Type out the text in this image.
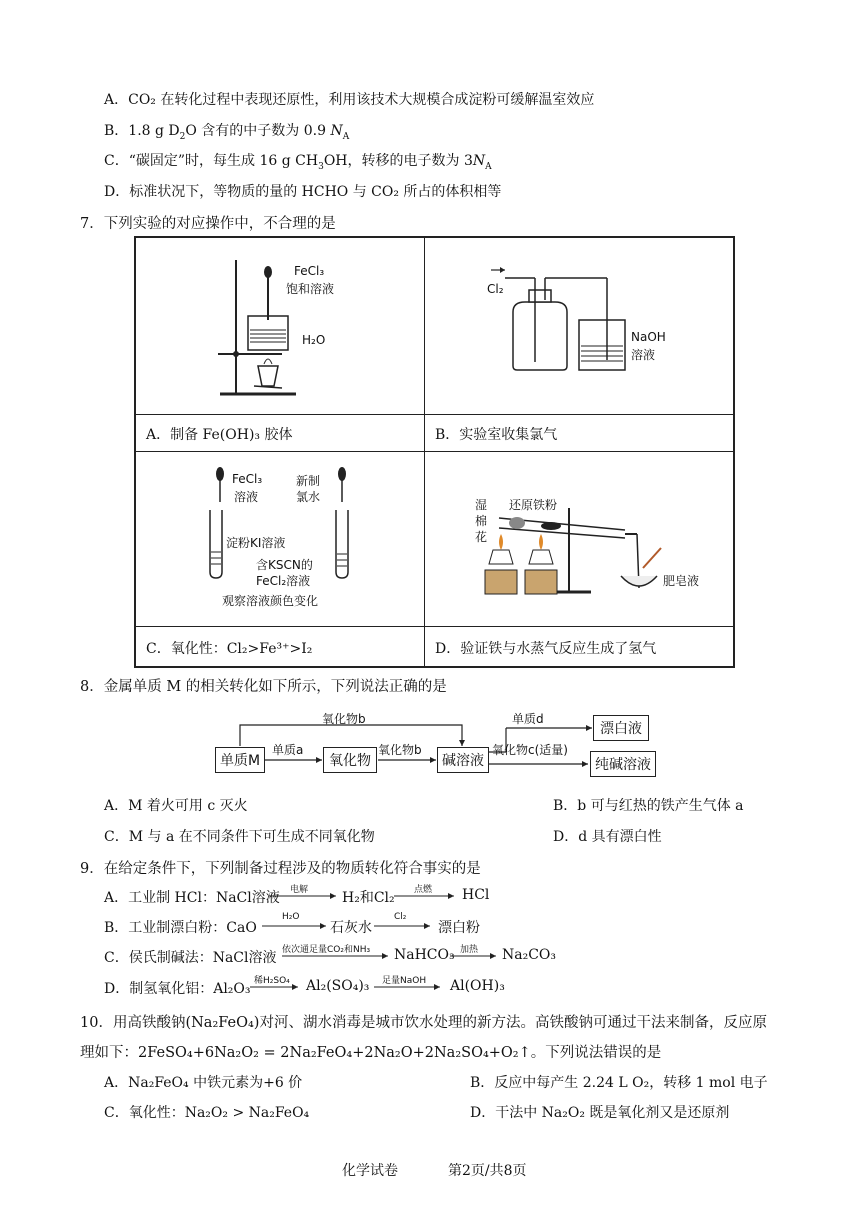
A．CO₂ 在转化过程中表现还原性，利用该技术大规模合成淀粉可缓解温室效应
B．1.8 g $D_2O$ 含有的中子数为 0.9 $N_A$
C．“碳固定”时，每生成 16 g $CH_3OH$，转移的电子数为 $3N_A$
D．标准状况下，等物质的量的 HCHO 与 CO₂ 所占的体积相等
7．下列实验的对应操作中，不合理的是
FeCl₃
饱和溶液
H₂O
Cl₂
NaOH
溶液
A．制备 Fe(OH)₃ 胶体	B．实验室收集氯气
FeCl₃
溶液
新制
氯水
淀粉KI溶液
含KSCN的
FeCl₂溶液
观察溶液颜色变化
湿
棉
花
还原铁粉
肥皂液
C．氧化性：Cl₂>Fe³⁺>I₂	D．验证铁与水蒸气反应生成了氢气
8．金属单质 M 的相关转化如下所示，下列说法正确的是
单质M	氧化物	碱溶液
漂白液
纯碱溶液
单质a
氧化物b
氧化物b
单质d
氧化物c(适量)
A．M 着火可用 c 灭火	B．b 可与红热的铁产生气体 a
C．M 与 a 在不同条件下可生成不同氧化物	D．d 具有漂白性
9．在给定条件下，下列制备过程涉及的物质转化符合事实的是
A．工业制 HCl：NaCl溶液 电解 H₂和Cl₂ 点燃 HCl
B．工业制漂白粉：CaO
H₂O
石灰水
Cl₂
漂白粉
C．侯氏制碱法：NaCl溶液 依次通足量CO₂和NH₃ NaHCO₃ 加热 Na₂CO₃
D．制氢氧化铝：Al₂O₃ 稀H₂SO₄ Al₂(SO₄)₃ 足量NaOH Al(OH)₃
10．用高铁酸钠(Na₂FeO₄)对河、湖水消毒是城市饮水处理的新方法。高铁酸钠可通过干法来制备，反应原
理如下：2FeSO₄+6Na₂O₂ = 2Na₂FeO₄+2Na₂O+2Na₂SO₄+O₂↑。下列说法错误的是
A．Na₂FeO₄ 中铁元素为+6 价	B．反应中每产生 2.24 L O₂，转移 1 mol 电子
C．氧化性：Na₂O₂ > Na₂FeO₄	D．干法中 Na₂O₂ 既是氧化剂又是还原剂
化学试卷	第2页/共8页
